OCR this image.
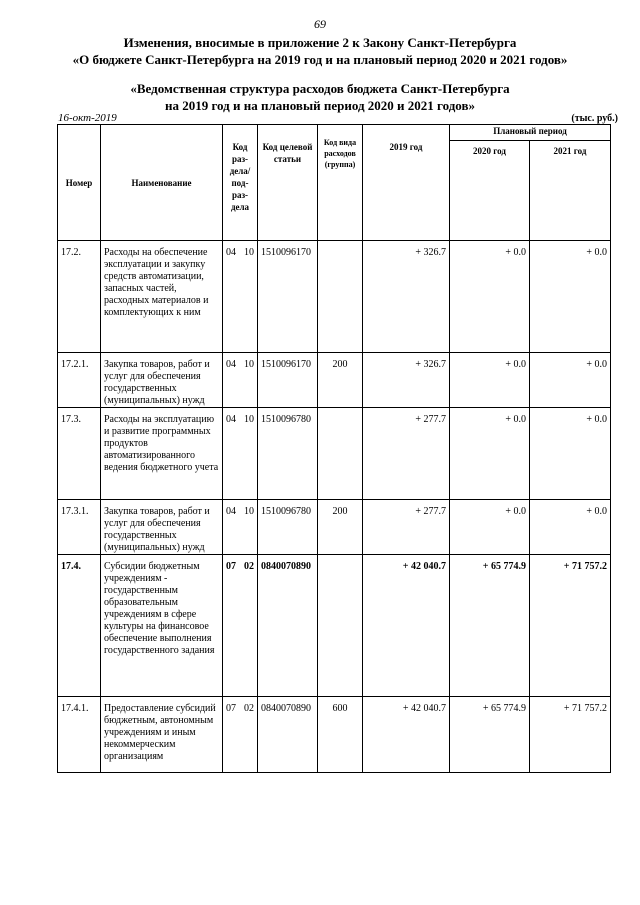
69
Изменения, вносимые в приложение 2 к Закону Санкт-Петербурга
«О бюджете Санкт-Петербурга на 2019 год и на плановый период 2020 и 2021 годов»
«Ведомственная структура расходов бюджета Санкт-Петербурга
на 2019 год и на плановый период 2020 и 2021 годов»
16-окт-2019	(тыс. руб.)
Номер	Наименование	Код раз-дела/ под-раз-дела	Код целевой статьи	Код вида расходов (группа)	2019 год	Плановый период	
						2020 год	2021 год
17.2.	Расходы на обеспечение эксплуатации и закупку средств автоматизации, запасных частей, расходных материалов и комплектующих к ним	04 10	1510096170		+ 326.7	+ 0.0	+ 0.0
17.2.1.	Закупка товаров, работ и услуг для обеспечения государственных (муниципальных) нужд	04 10	1510096170	200	+ 326.7	+ 0.0	+ 0.0
17.3.	Расходы на эксплуатацию и развитие программных продуктов автоматизированного ведения бюджетного учета	04 10	1510096780		+ 277.7	+ 0.0	+ 0.0
17.3.1.	Закупка товаров, работ и услуг для обеспечения государственных (муниципальных) нужд	04 10	1510096780	200	+ 277.7	+ 0.0	+ 0.0
17.4.	Субсидии бюджетным учреждениям - государственным образовательным учреждениям в сфере культуры на финансовое обеспечение выполнения государственного задания	07 02	0840070890		+ 42 040.7	+ 65 774.9	+ 71 757.2
17.4.1.	Предоставление субсидий бюджетным, автономным учреждениям и иным некоммерческим организациям	07 02	0840070890	600	+ 42 040.7	+ 65 774.9	+ 71 757.2
